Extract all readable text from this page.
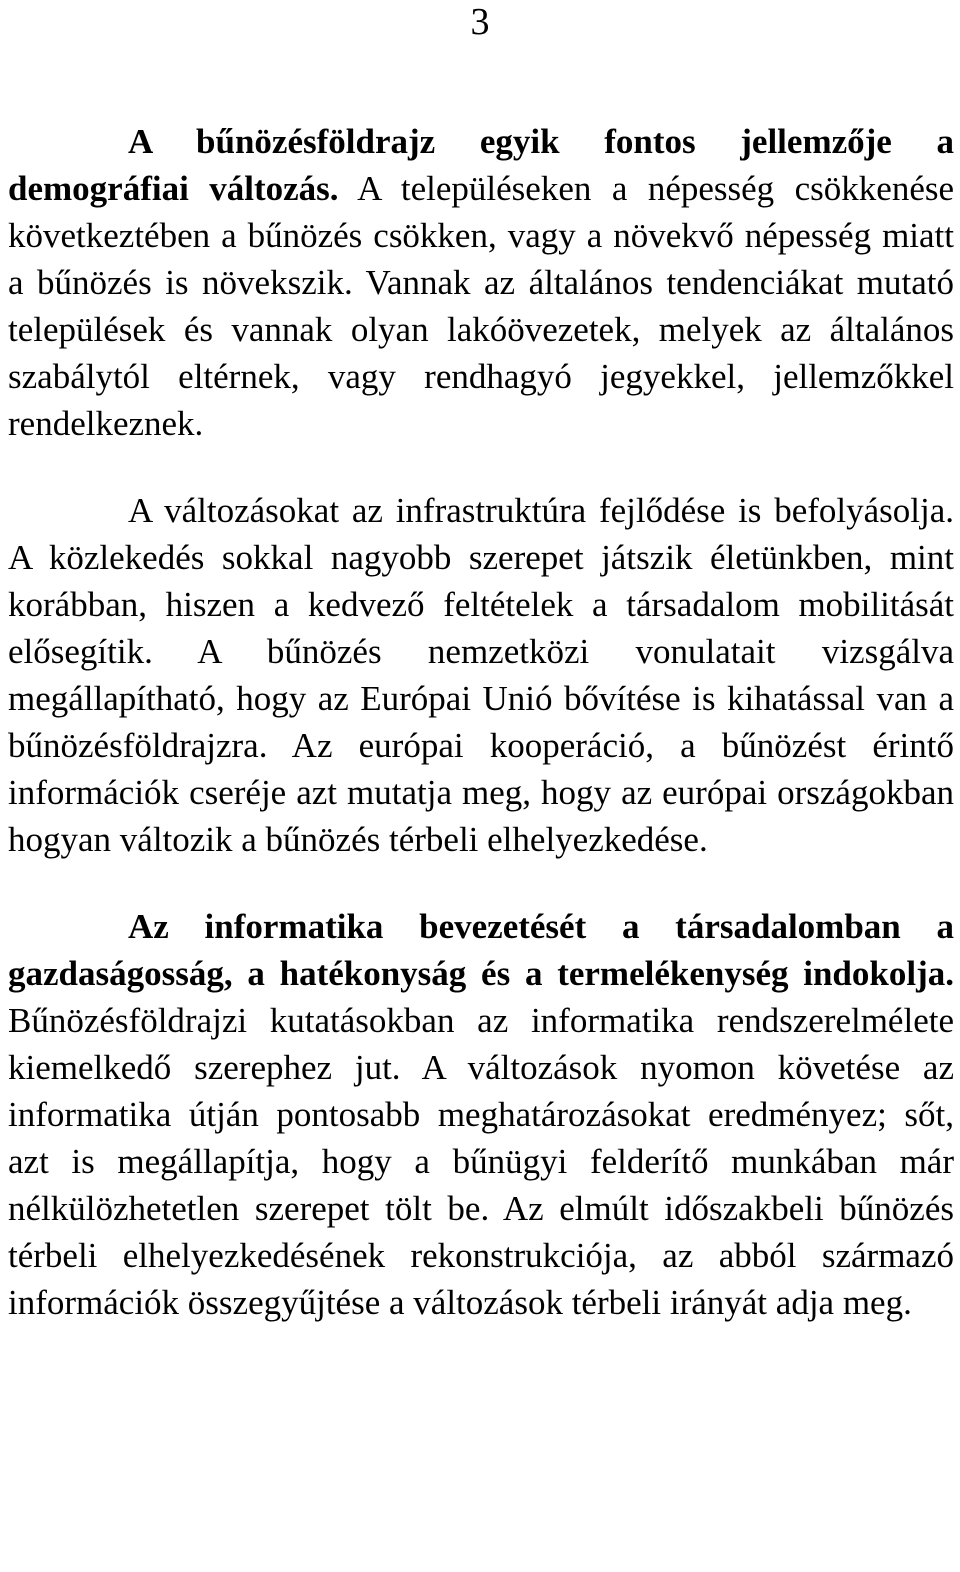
3

A bűnözésföldrajz egyik fontos jellemzője a demográfiai változás. A településeken a népesség csökkenése következtében a bűnözés csökken, vagy a növekvő népesség miatt a bűnözés is növekszik. Vannak az általános tendenciákat mutató települések és vannak olyan lakóövezetek, melyek az általános szabálytól eltérnek, vagy rendhagyó jegyekkel, jellemzőkkel rendelkeznek.

A változásokat az infrastruktúra fejlődése is befolyásolja. A közlekedés sokkal nagyobb szerepet játszik életünkben, mint korábban, hiszen a kedvező feltételek a társadalom mobilitását elősegítik. A bűnözés nemzetközi vonulatait vizsgálva megállapítható, hogy az Európai Unió bővítése is kihatással van a bűnözésföldrajzra. Az európai kooperáció, a bűnözést érintő információk cseréje azt mutatja meg, hogy az európai országokban hogyan változik a bűnözés térbeli elhelyezkedése.

Az informatika bevezetését a társadalomban a gazdaságosság, a hatékonyság és a termelékenység indokolja. Bűnözésföldrajzi kutatásokban az informatika rendszerelmélete kiemelkedő szerephez jut. A változások nyomon követése az informatika útján pontosabb meghatározásokat eredményez; sőt, azt is megállapítja, hogy a bűnügyi felderítő munkában már nélkülözhetetlen szerepet tölt be. Az elmúlt időszakbeli bűnözés térbeli elhelyezkedésének rekonstrukciója, az abból származó információk összegyűjtése a változások térbeli irányát adja meg.
